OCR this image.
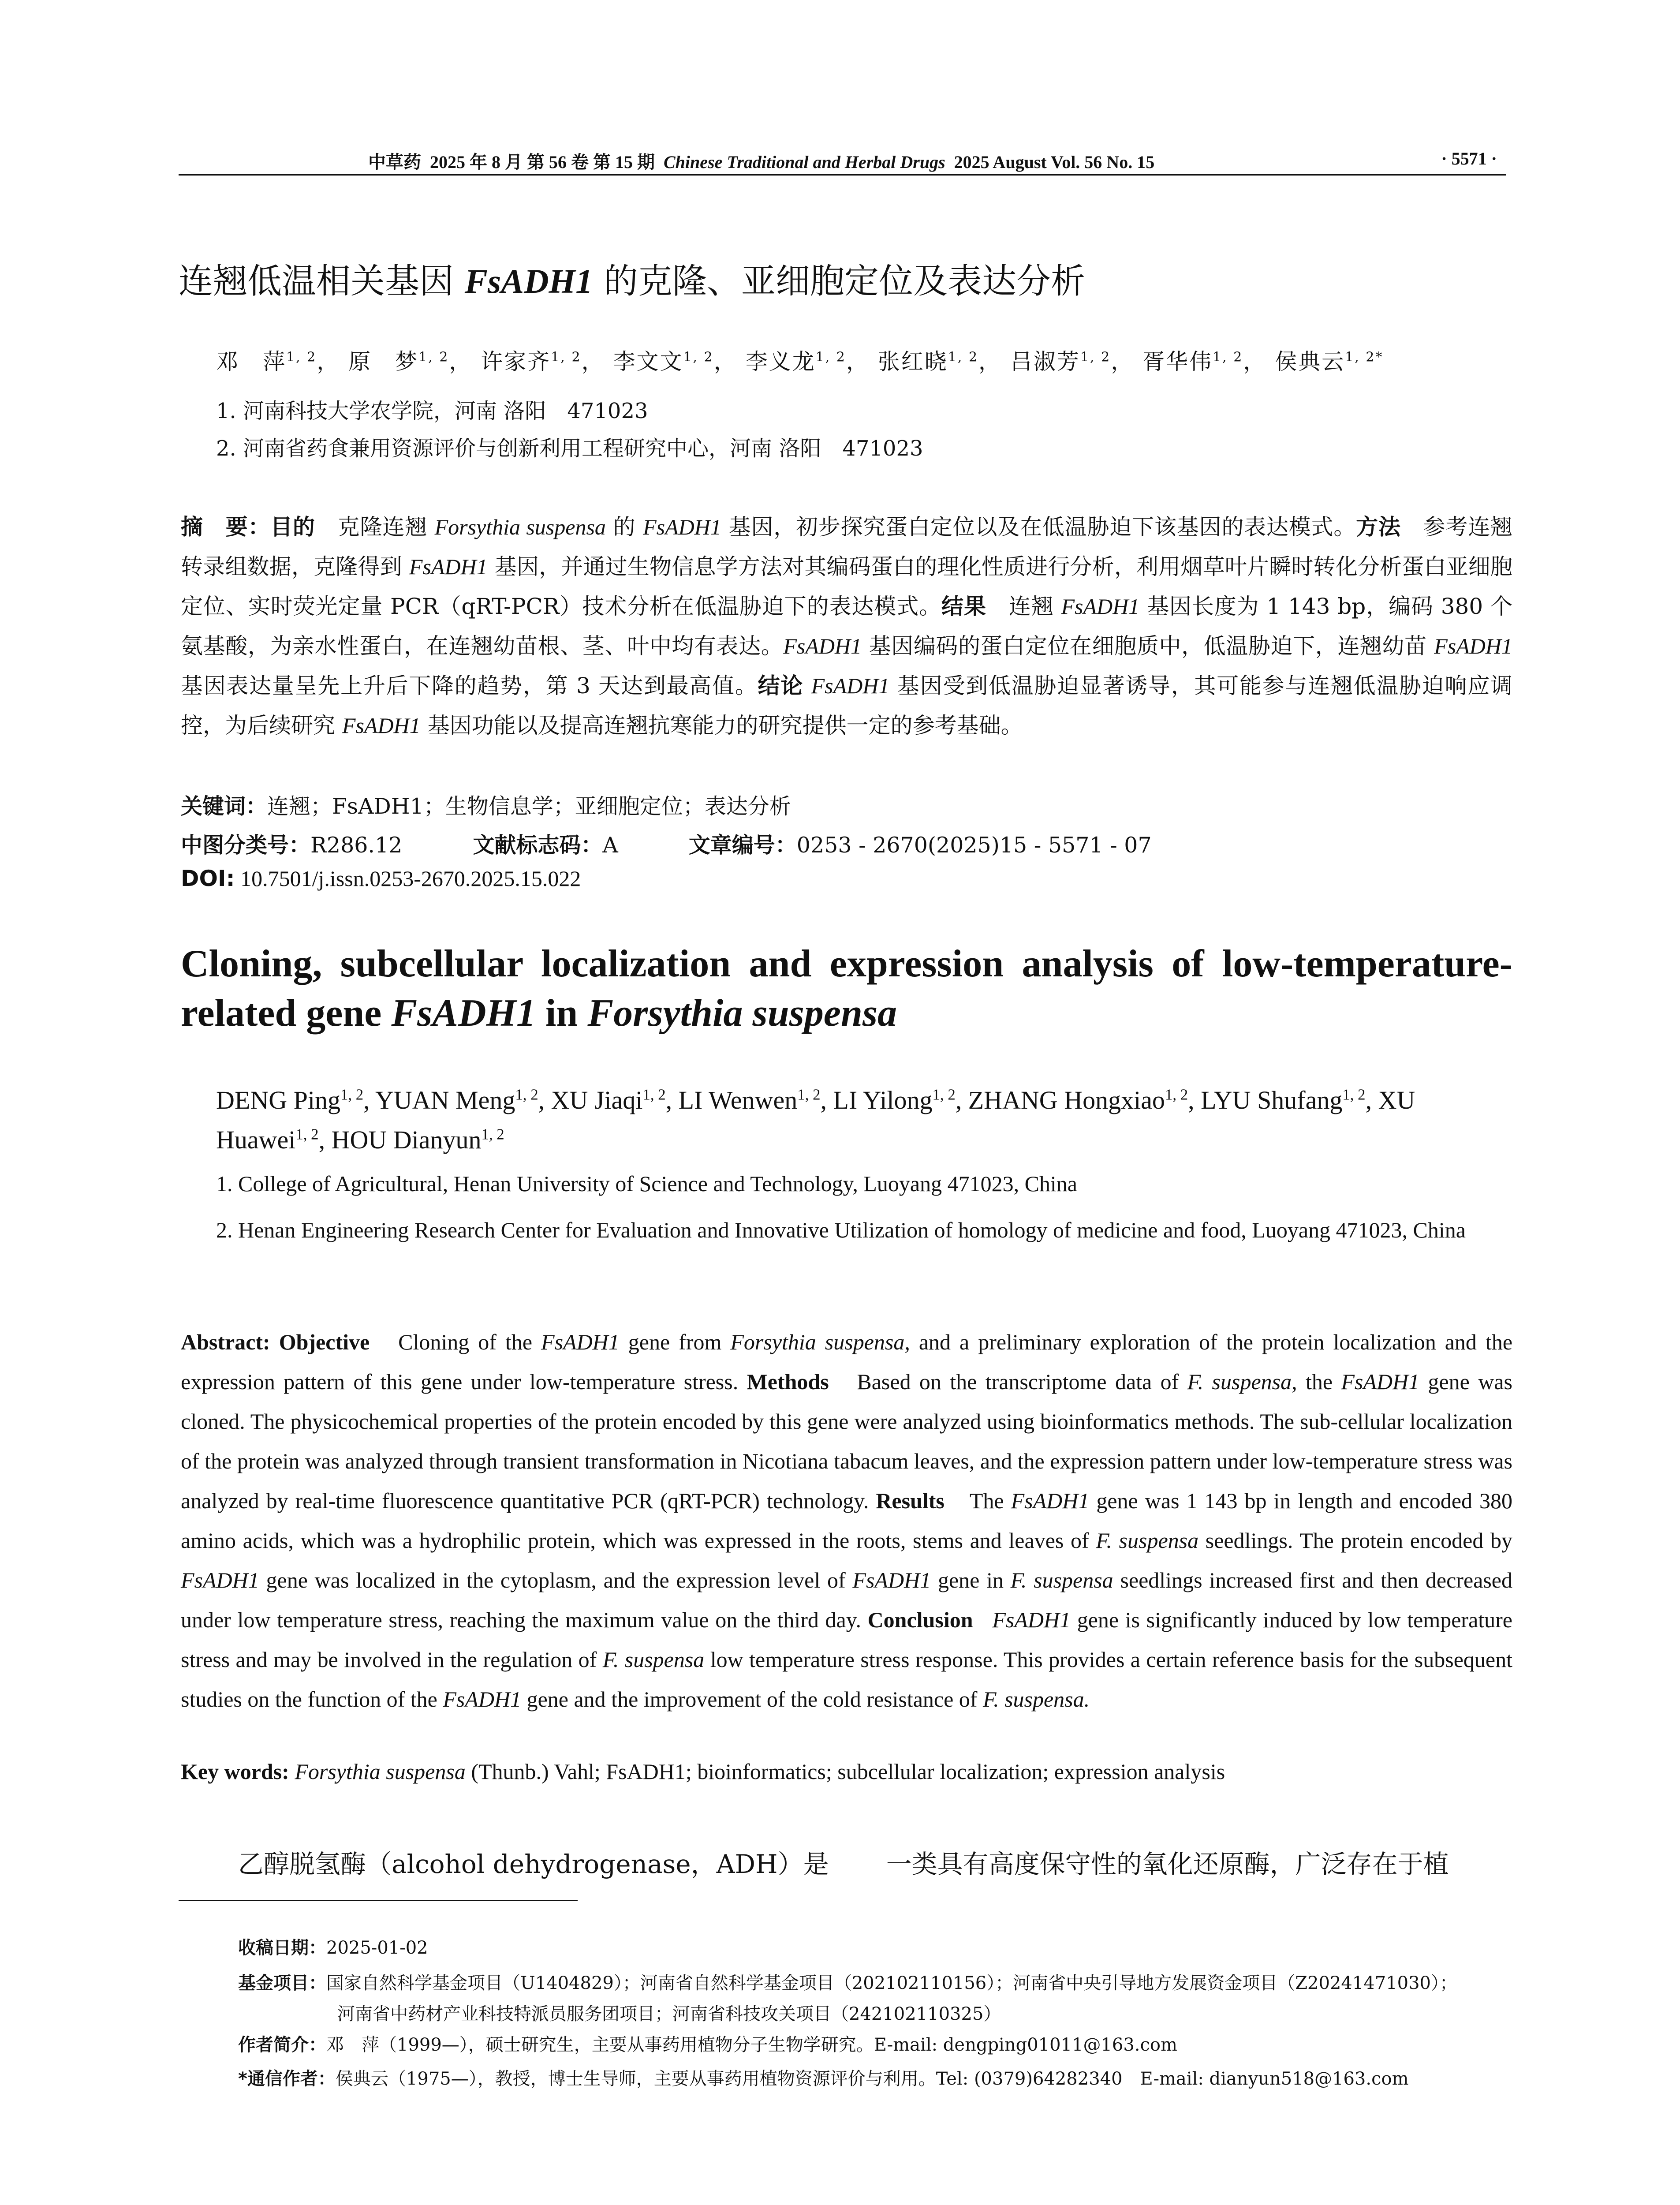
中草药 2025 年 8 月 第 56 卷 第 15 期 Chinese Traditional and Herbal Drugs 2025 August Vol. 56 No. 15	· 5571 ·
连翘低温相关基因 FsADH1 的克隆、亚细胞定位及表达分析
邓　萍$^{1, 2}$， 原　梦$^{1, 2}$， 许家齐$^{1, 2}$， 李文文$^{1, 2}$， 李义龙$^{1, 2}$， 张红晓$^{1, 2}$， 吕淑芳$^{1, 2}$， 胥华伟$^{1, 2}$， 侯典云$^{1, 2*}$
1. 河南科技大学农学院，河南 洛阳　471023
2. 河南省药食兼用资源评价与创新利用工程研究中心，河南 洛阳　471023
摘　要：目的　克隆连翘 Forsythia suspensa 的 FsADH1 基因，初步探究蛋白定位以及在低温胁迫下该基因的表达模式。方法　参考连翘转录组数据，克隆得到 FsADH1 基因，并通过生物信息学方法对其编码蛋白的理化性质进行分析，利用烟草叶片瞬时转化分析蛋白亚细胞定位、实时荧光定量 PCR（qRT-PCR）技术分析在低温胁迫下的表达模式。结果　连翘 FsADH1 基因长度为 1 143 bp，编码 380 个氨基酸，为亲水性蛋白，在连翘幼苗根、茎、叶中均有表达。FsADH1 基因编码的蛋白定位在细胞质中，低温胁迫下，连翘幼苗 FsADH1 基因表达量呈先上升后下降的趋势，第 3 天达到最高值。结论 FsADH1 基因受到低温胁迫显著诱导，其可能参与连翘低温胁迫响应调控，为后续研究 FsADH1 基因功能以及提高连翘抗寒能力的研究提供一定的参考基础。
关键词：连翘；FsADH1；生物信息学；亚细胞定位；表达分析
中图分类号：R286.12	文献标志码：A	文章编号：0253 - 2670(2025)15 - 5571 - 07
DOI: 10.7501/j.issn.0253-2670.2025.15.022
Cloning, subcellular localization and expression analysis of low-temperature-
related gene FsADH1 in Forsythia suspensa
DENG Ping$^{1, 2}$, YUAN Meng$^{1, 2}$, XU Jiaqi$^{1, 2}$, LI Wenwen$^{1, 2}$, LI Yilong$^{1, 2}$, ZHANG Hongxiao$^{1, 2}$, LYU Shufang$^{1, 2}$, XU Huawei$^{1, 2}$, HOU Dianyun$^{1, 2}$
1. College of Agricultural, Henan University of Science and Technology, Luoyang 471023, China
2. Henan Engineering Research Center for Evaluation and Innovative Utilization of homology of medicine and food, Luoyang 471023, China
Abstract: Objective　Cloning of the FsADH1 gene from Forsythia suspensa, and a preliminary exploration of the protein localization and the expression pattern of this gene under low-temperature stress. Methods　Based on the transcriptome data of F. suspensa, the FsADH1 gene was cloned. The physicochemical properties of the protein encoded by this gene were analyzed using bioinformatics methods. The sub-cellular localization of the protein was analyzed through transient transformation in Nicotiana tabacum leaves, and the expression pattern under low-temperature stress was analyzed by real-time fluorescence quantitative PCR (qRT-PCR) technology. Results　The FsADH1 gene was 1 143 bp in length and encoded 380 amino acids, which was a hydrophilic protein, which was expressed in the roots, stems and leaves of F. suspensa seedlings. The protein encoded by FsADH1 gene was localized in the cytoplasm, and the expression level of FsADH1 gene in F. suspensa seedlings increased first and then decreased under low temperature stress, reaching the maximum value on the third day. Conclusion FsADH1 gene is significantly induced by low temperature stress and may be involved in the regulation of F. suspensa low temperature stress response. This provides a certain reference basis for the subsequent studies on the function of the FsADH1 gene and the improvement of the cold resistance of F. suspensa.
Key words: Forsythia suspensa (Thunb.) Vahl; FsADH1; bioinformatics; subcellular localization; expression analysis
乙醇脱氢酶（alcohol dehydrogenase，ADH）是 一类具有高度保守性的氧化还原酶，广泛存在于植
收稿日期：2025-01-02
基金项目：国家自然科学基金项目（U1404829）；河南省自然科学基金项目（202102110156）；河南省中央引导地方发展资金项目（Z20241471030）；
河南省中药材产业科技特派员服务团项目；河南省科技攻关项目（242102110325）
作者简介：邓　萍（1999—），硕士研究生，主要从事药用植物分子生物学研究。E-mail: dengping01011@163.com
*通信作者：侯典云（1975—），教授，博士生导师，主要从事药用植物资源评价与利用。Tel: (0379)64282340　E-mail: dianyun518@163.com
